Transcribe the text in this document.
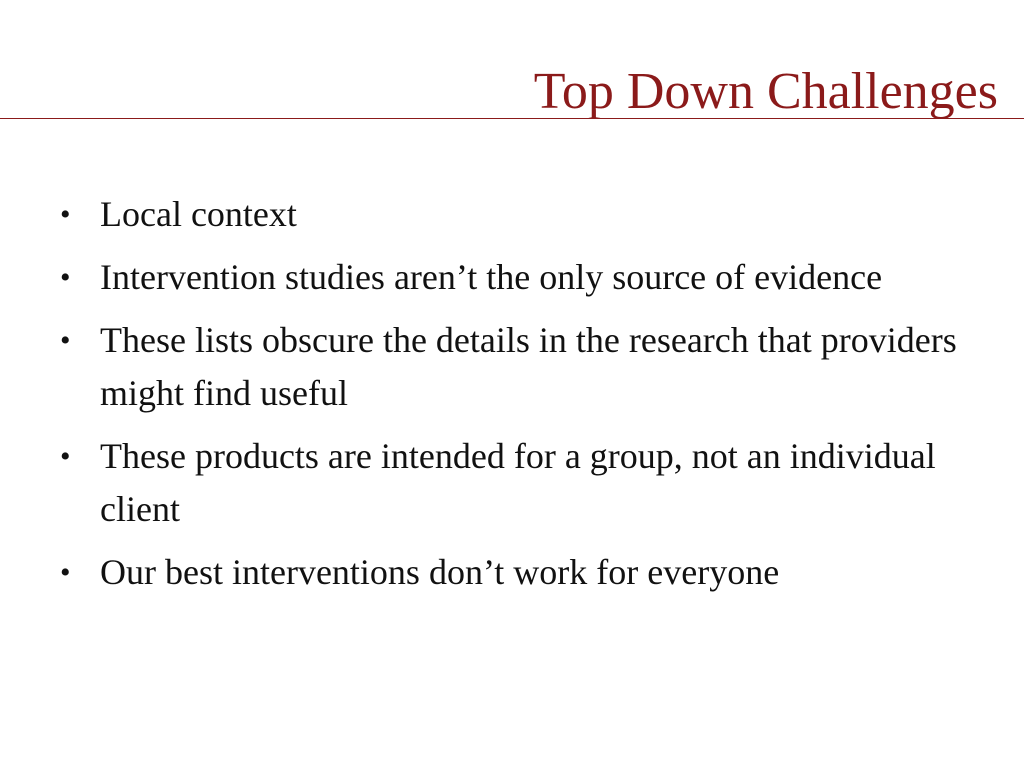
Top Down Challenges
• Local context
• Intervention studies aren’t the only source of evidence
• These lists obscure the details in the research that providers might find useful
• These products are intended for a group, not an individual client
• Our best interventions don’t work for everyone
